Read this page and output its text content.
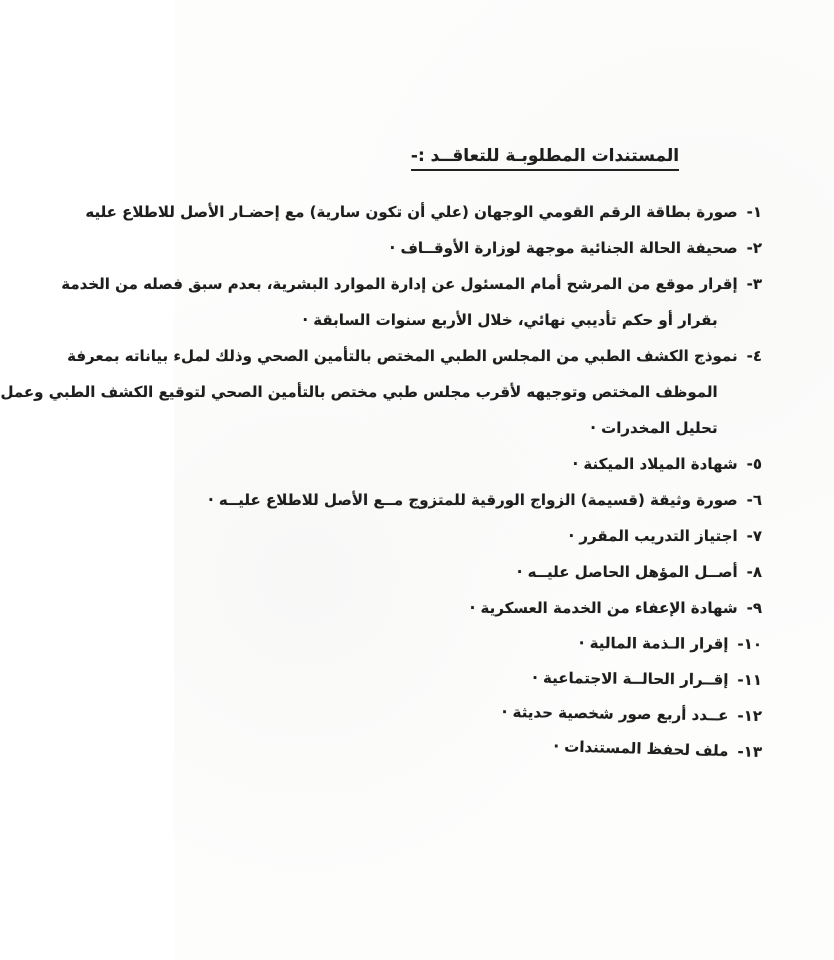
المستندات المطلوبـة للتعاقــد :-
١-
صورة بطاقة الرقم القومي الوجهان (علي أن تكون سارية) مع إحضـار الأصل للاطلاع عليه
٢-
صحيفة الحالة الجنائية موجهة لوزارة الأوقــاف ·
٣-
إقرار موقع من المرشح أمام المسئول عن إدارة الموارد البشرية، بعدم سبق فصله من الخدمة
بقرار أو حكم تأديبي نهائي، خلال الأربع سنوات السابقة ·
٤-
نموذج الكشف الطبي من المجلس الطبي المختص بالتأمين الصحي وذلك لملء بياناته بمعرفة
الموظف المختص وتوجيهه لأقرب مجلس طبي مختص بالتأمين الصحي لتوقيع الكشف الطبي وعمل
تحليل المخدرات ·
٥-
شهادة الميلاد الميكنة ·
٦-
صورة وثيقة (قسيمة) الزواج الورقية للمتزوج مــع الأصل للاطلاع عليــه ·
٧-
اجتياز التدريب المقرر ·
٨-
أصــل المؤهل الحاصل عليــه ·
٩-
شهادة الإعفاء من الخدمة العسكرية ·
١٠-
إقرار الـذمة المالية ·
١١-
إقــرار الحالــة الاجتماعية ·
١٢-
عــدد أربع صور شخصية حديثة ·
١٣-
ملف لحفظ المستندات ·
